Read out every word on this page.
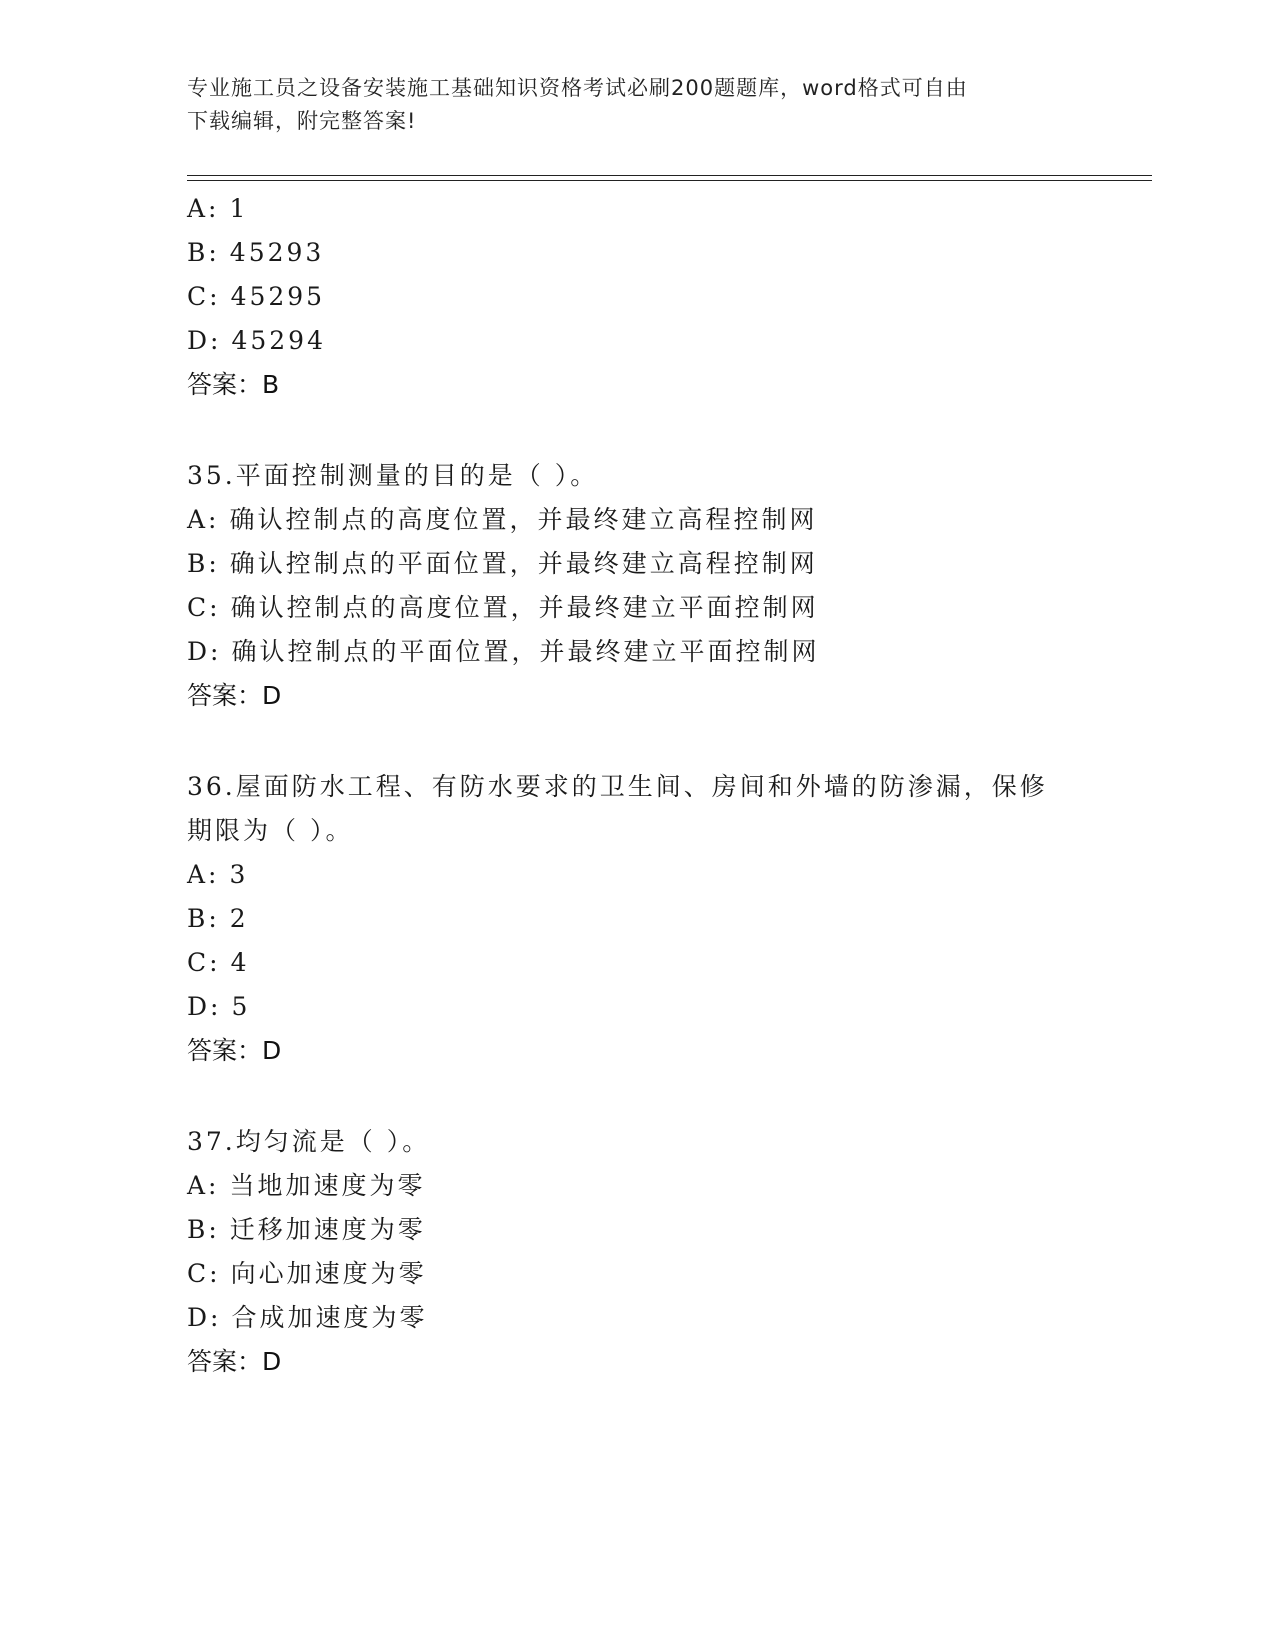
专业施工员之设备安装施工基础知识资格考试必刷200题题库，word格式可自由
下载编辑，附完整答案!
A: 1
B: 45293
C: 45295
D: 45294
答案：B
35.平面控制测量的目的是（ ）。
A: 确认控制点的高度位置，并最终建立高程控制网
B: 确认控制点的平面位置，并最终建立高程控制网
C: 确认控制点的高度位置，并最终建立平面控制网
D: 确认控制点的平面位置，并最终建立平面控制网
答案：D
36.屋面防水工程、有防水要求的卫生间、房间和外墙的防渗漏，保修
期限为（ ）。
A: 3
B: 2
C: 4
D: 5
答案：D
37.均匀流是（ ）。
A: 当地加速度为零
B: 迁移加速度为零
C: 向心加速度为零
D: 合成加速度为零
答案：D
